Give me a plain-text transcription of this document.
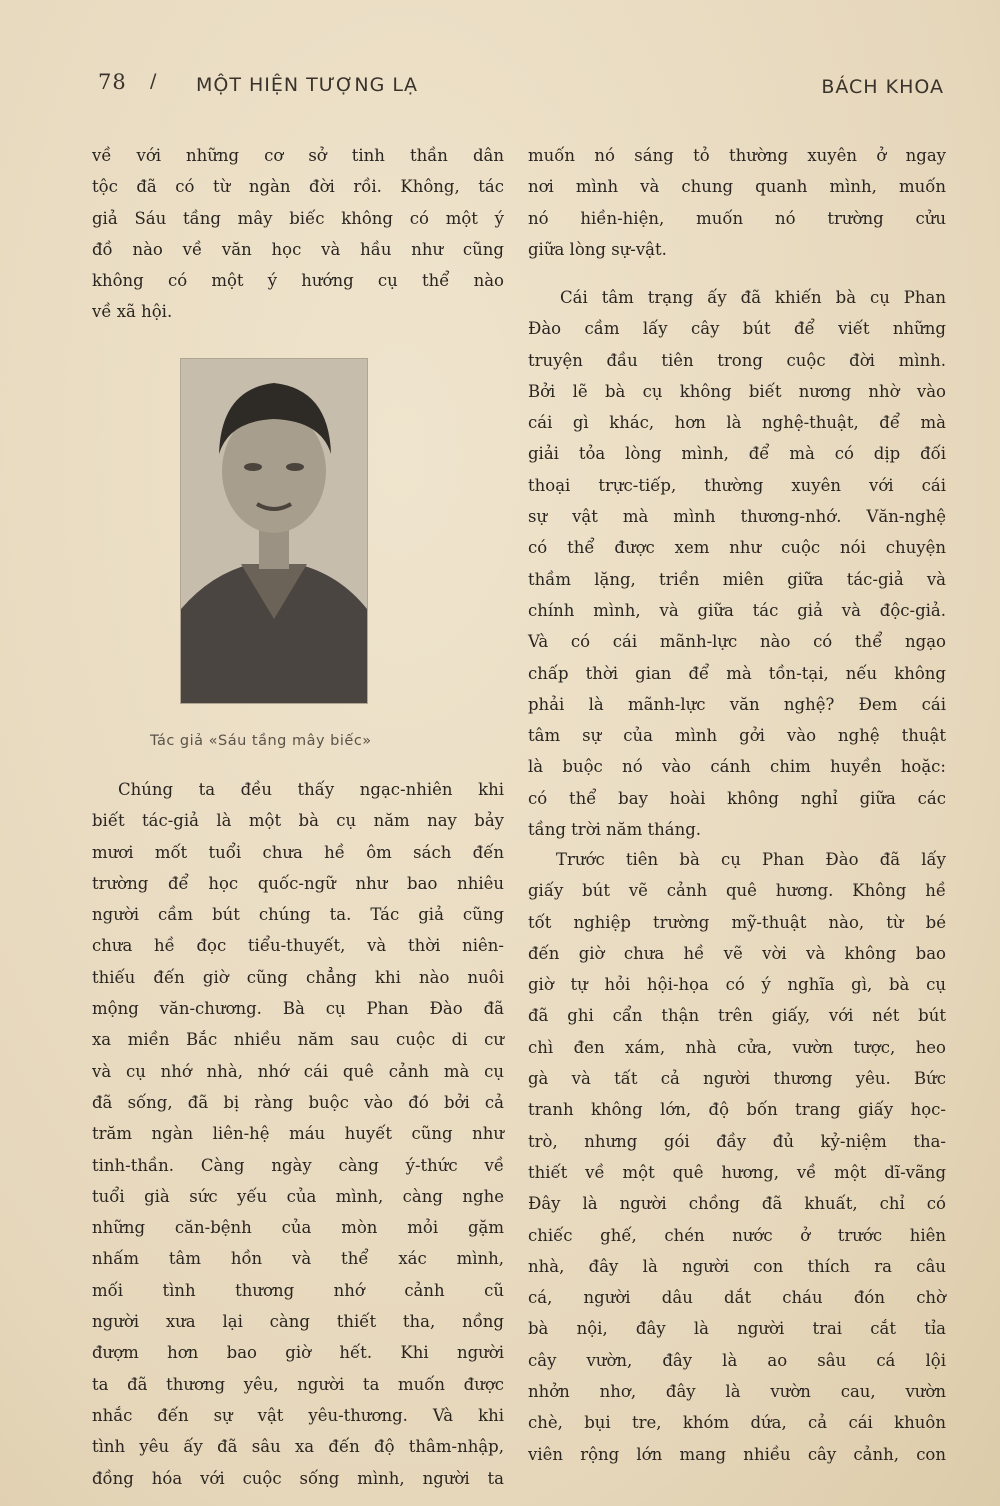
78 / MỘT HIỆN TƯỢNG LẠ	BÁCH KHOA

về với những cơ sở tinh thần dân
tộc đã có từ ngàn đời rồi. Không, tác
giả Sáu tầng mây biếc không có một ý
đồ nào về văn học và hầu như cũng
không có một ý hướng cụ thể nào
về xã hội.

Tác giả «Sáu tầng mây biếc»

Chúng ta đều thấy ngạc-nhiên khi
biết tác-giả là một bà cụ năm nay bảy
mươi mốt tuổi chưa hề ôm sách đến
trường để học quốc-ngữ như bao nhiêu
người cầm bút chúng ta. Tác giả cũng
chưa hề đọc tiểu-thuyết, và thời niên-
thiếu đến giờ cũng chẳng khi nào nuôi
mộng văn-chương. Bà cụ Phan Đào đã
xa miền Bắc nhiều năm sau cuộc di cư
và cụ nhớ nhà, nhớ cái quê cảnh mà cụ
đã sống, đã bị ràng buộc vào đó bởi cả
trăm ngàn liên-hệ máu huyết cũng như
tinh-thần. Càng ngày càng ý-thức về
tuổi già sức yếu của mình, càng nghe
những căn-bệnh của mòn mỏi gặm
nhấm tâm hồn và thể xác mình,
mối tình thương nhớ cảnh cũ
người xưa lại càng thiết tha, nồng
đượm hơn bao giờ hết. Khi người
ta đã thương yêu, người ta muốn được
nhắc đến sự vật yêu-thương. Và khi
tình yêu ấy đã sâu xa đến độ thâm-nhập,
đồng hóa với cuộc sống mình, người ta

muốn nó sáng tỏ thường xuyên ở ngay
nơi mình và chung quanh mình, muốn
nó hiền-hiện, muốn nó trường cửu
giữa lòng sự-vật.

Cái tâm trạng ấy đã khiến bà cụ Phan
Đào cầm lấy cây bút để viết những
truyện đầu tiên trong cuộc đời mình.
Bởi lẽ bà cụ không biết nương nhờ vào
cái gì khác, hơn là nghệ-thuật, để mà
giải tỏa lòng mình, để mà có dịp đối
thoại trực-tiếp, thường xuyên với cái
sự vật mà mình thương-nhớ. Văn-nghệ
có thể được xem như cuộc nói chuyện
thầm lặng, triền miên giữa tác-giả và
chính mình, và giữa tác giả và độc-giả.
Và có cái mãnh-lực nào có thể ngạo
chấp thời gian để mà tồn-tại, nếu không
phải là mãnh-lực văn nghệ? Đem cái
tâm sự của mình gởi vào nghệ thuật
là buộc nó vào cánh chim huyền hoặc:
có thể bay hoài không nghỉ giữa các
tầng trời năm tháng.

Trước tiên bà cụ Phan Đào đã lấy
giấy bút vẽ cảnh quê hương. Không hề
tốt nghiệp trường mỹ-thuật nào, từ bé
đến giờ chưa hề vẽ vời và không bao
giờ tự hỏi hội-họa có ý nghĩa gì, bà cụ
đã ghi cẩn thận trên giấy, với nét bút
chì đen xám, nhà cửa, vườn tược, heo
gà và tất cả người thương yêu. Bức
tranh không lớn, độ bốn trang giấy học-
trò, nhưng gói đầy đủ kỷ-niệm tha-
thiết về một quê hương, về một dĩ-vãng
Đây là người chồng đã khuất, chỉ có
chiếc ghế, chén nước ở trước hiên
nhà, đây là người con thích ra câu
cá, người dâu dắt cháu đón chờ
bà nội, đây là người trai cắt tỉa
cây vườn, đây là ao sâu cá lội
nhởn nhơ, đây là vườn cau, vườn
chè, bụi tre, khóm dứa, cả cái khuôn
viên rộng lớn mang nhiều cây cảnh, con
